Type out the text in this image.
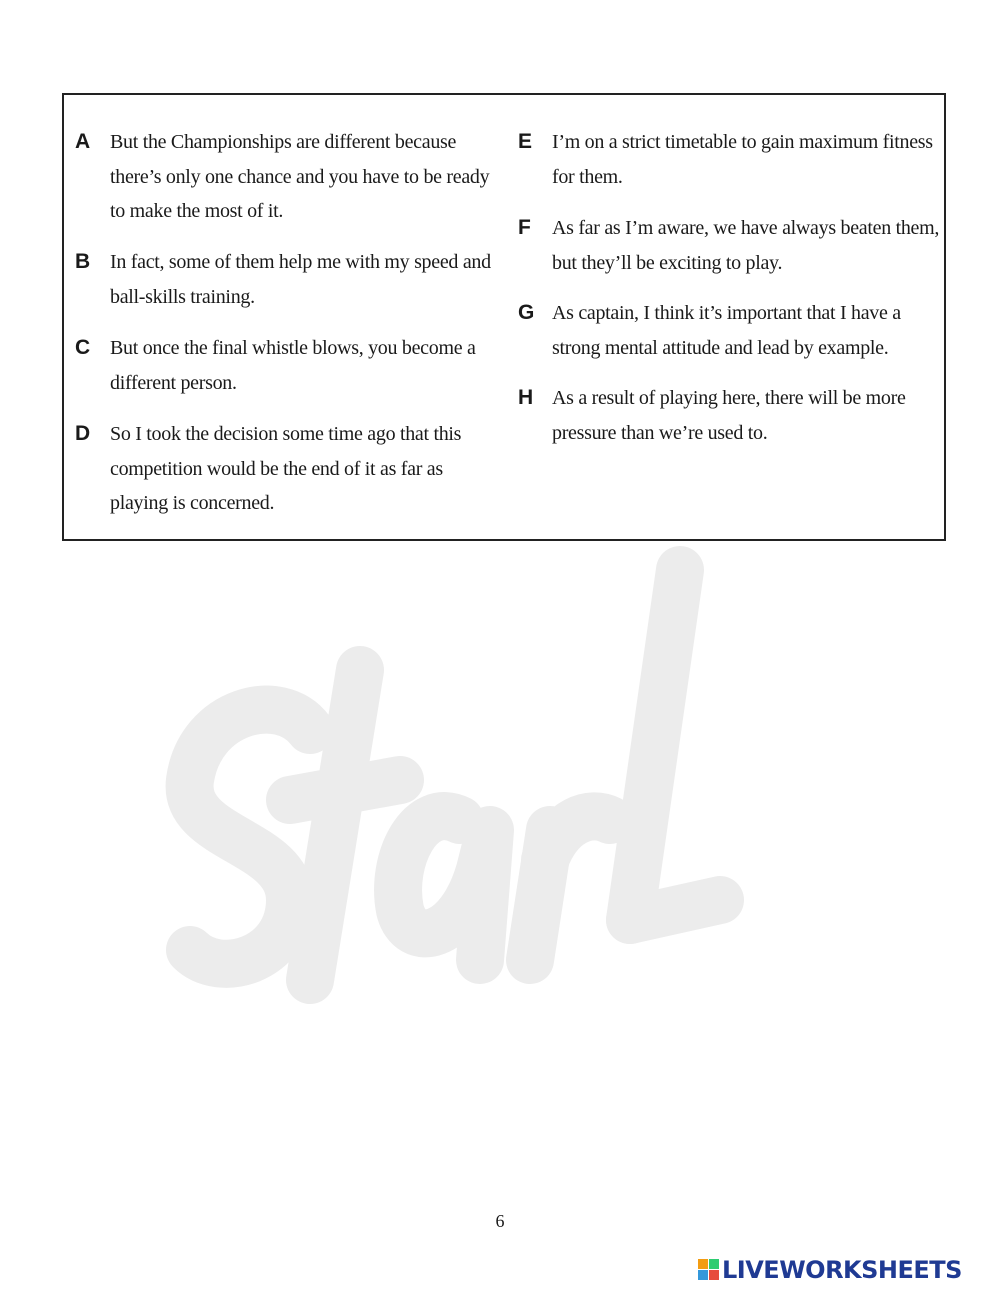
A But the Championships are different because
there’s only one chance and you have to be ready
to make the most of it.
B In fact, some of them help me with my speed and
ball-skills training.
C But once the final whistle blows, you become a
different person.
D So I took the decision some time ago that this
competition would be the end of it as far as
playing is concerned.
E I’m on a strict timetable to gain maximum fitness
for them.
F As far as I’m aware, we have always beaten them,
but they’ll be exciting to play.
G As captain, I think it’s important that I have a
strong mental attitude and lead by example.
H As a result of playing here, there will be more
pressure than we’re used to.
6
LIVEWORKSHEETS
